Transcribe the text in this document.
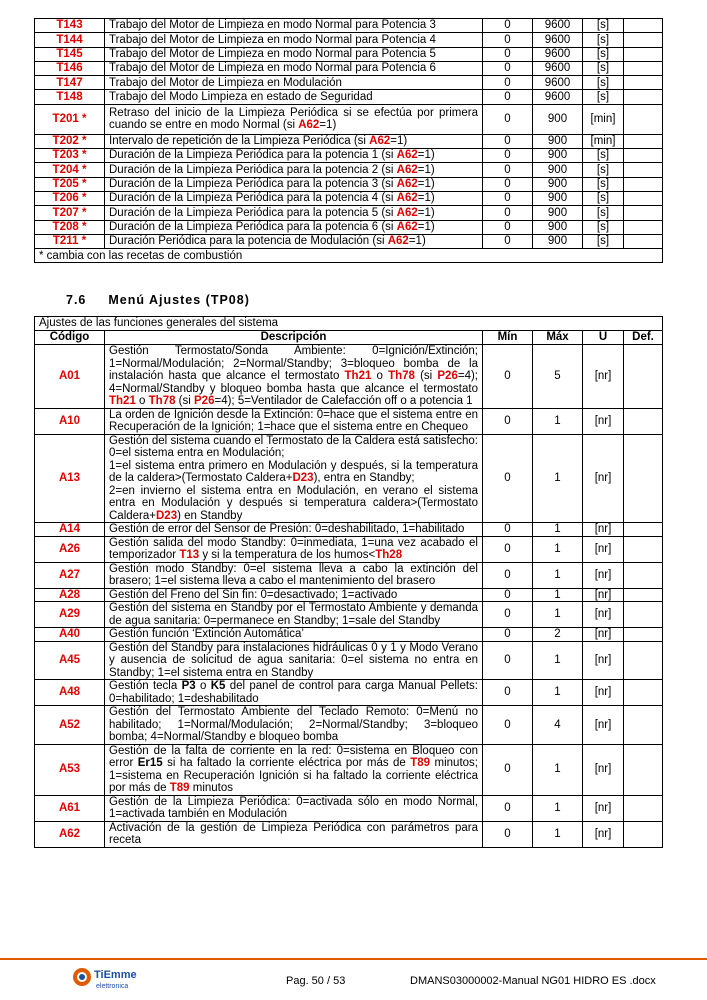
T143	Trabajo del Motor de Limpieza en modo Normal para Potencia 3	0	9600	[s]	
T144	Trabajo del Motor de Limpieza en modo Normal para Potencia 4	0	9600	[s]	
T145	Trabajo del Motor de Limpieza en modo Normal para Potencia 5	0	9600	[s]	
T146	Trabajo del Motor de Limpieza en modo Normal para Potencia 6	0	9600	[s]	
T147	Trabajo del Motor de Limpieza en Modulación	0	9600	[s]	
T148	Trabajo del Modo Limpieza en estado de Seguridad	0	9600	[s]	
T201 *	Retraso del inicio de la Limpieza Periódica si se efectúa por primera cuando se entre en modo Normal (si A62=1)	0	900	[min]	
T202 *	Intervalo de repetición de la Limpieza Periódica (si A62=1)	0	900	[min]	
T203 *	Duración de la Limpieza Periódica para la potencia 1 (si A62=1)	0	900	[s]	
T204 *	Duración de la Limpieza Periódica para la potencia 2 (si A62=1)	0	900	[s]	
T205 *	Duración de la Limpieza Periódica para la potencia 3 (si A62=1)	0	900	[s]	
T206 *	Duración de la Limpieza Periódica para la potencia 4 (si A62=1)	0	900	[s]	
T207 *	Duración de la Limpieza Periódica para la potencia 5 (si A62=1)	0	900	[s]	
T208 *	Duración de la Limpieza Periódica para la potencia 6 (si A62=1)	0	900	[s]	
T211 *	Duración Periódica para la potencia de Modulación (si A62=1)	0	900	[s]	
* cambia con las recetas de combustión					
7.6 Menú Ajustes (TP08)
Ajustes de las funciones generales del sistema					
Código	Descripción	Mín	Máx	U	Def.
A01	Gestión Termostato/Sonda Ambiente: 0=Ignición/Extinción; 1=Normal/Modulación; 2=Normal/Standby; 3=bloqueo bomba de la instalación hasta que alcance el termostato Th21 o Th78 (si P26=4); 4=Normal/Standby y bloqueo bomba hasta que alcance el termostato Th21 o Th78 (si P26=4); 5=Ventilador de Calefacción off o a potencia 1	0	5	[nr]	
A10	La orden de Ignición desde la Extinción: 0=hace que el sistema entre en Recuperación de la Ignición; 1=hace que el sistema entre en Chequeo	0	1	[nr]	
A13	Gestión del sistema cuando el Termostato de la Caldera está satisfecho: 0=el sistema entra en Modulación;
1=el sistema entra primero en Modulación y después, si la temperatura de la caldera>(Termostato Caldera+D23), entra en Standby;
2=en invierno el sistema entra en Modulación, en verano el sistema entra en Modulación y después si temperatura caldera>(Termostato Caldera+D23) en Standby	0	1	[nr]	
A14	Gestión de error del Sensor de Presión: 0=deshabilitado, 1=habilitado	0	1	[nr]	
A26	Gestión salida del modo Standby: 0=inmediata, 1=una vez acabado el temporizador T13 y si la temperatura de los humos<Th28	0	1	[nr]	
A27	Gestión modo Standby: 0=el sistema lleva a cabo la extinción del brasero; 1=el sistema lleva a cabo el mantenimiento del brasero	0	1	[nr]	
A28	Gestión del Freno del Sin fin: 0=desactivado; 1=activado	0	1	[nr]	
A29	Gestión del sistema en Standby por el Termostato Ambiente y demanda de agua sanitaria: 0=permanece en Standby; 1=sale del Standby	0	1	[nr]	
A40	Gestión función ‘Extinción Automática’	0	2	[nr]	
A45	Gestión del Standby para instalaciones hidráulicas 0 y 1 y Modo Verano y ausencia de solicitud de agua sanitaria: 0=el sistema no entra en Standby; 1=el sistema entra en Standby	0	1	[nr]	
A48	Gestión tecla P3 o K5 del panel de control para carga Manual Pellets: 0=habilitado; 1=deshabilitado	0	1	[nr]	
A52	Gestión del Termostato Ambiente del Teclado Remoto: 0=Menú no habilitado; 1=Normal/Modulación; 2=Normal/Standby; 3=bloqueo bomba; 4=Normal/Standby e bloqueo bomba	0	4	[nr]	
A53	Gestión de la falta de corriente en la red: 0=sistema en Bloqueo con error Er15 si ha faltado la corriente eléctrica por más de T89 minutos; 1=sistema en Recuperación Ignición si ha faltado la corriente eléctrica por más de T89 minutos	0	1	[nr]	
A61	Gestión de la Limpieza Periódica: 0=activada sólo en modo Normal, 1=activada también en Modulación	0	1	[nr]	
A62	Activación de la gestión de Limpieza Periódica con parámetros para receta	0	1	[nr]	
TiEmme
elettronica	Pag. 50 / 53	DMANS03000002-Manual NG01 HIDRO ES .docx
